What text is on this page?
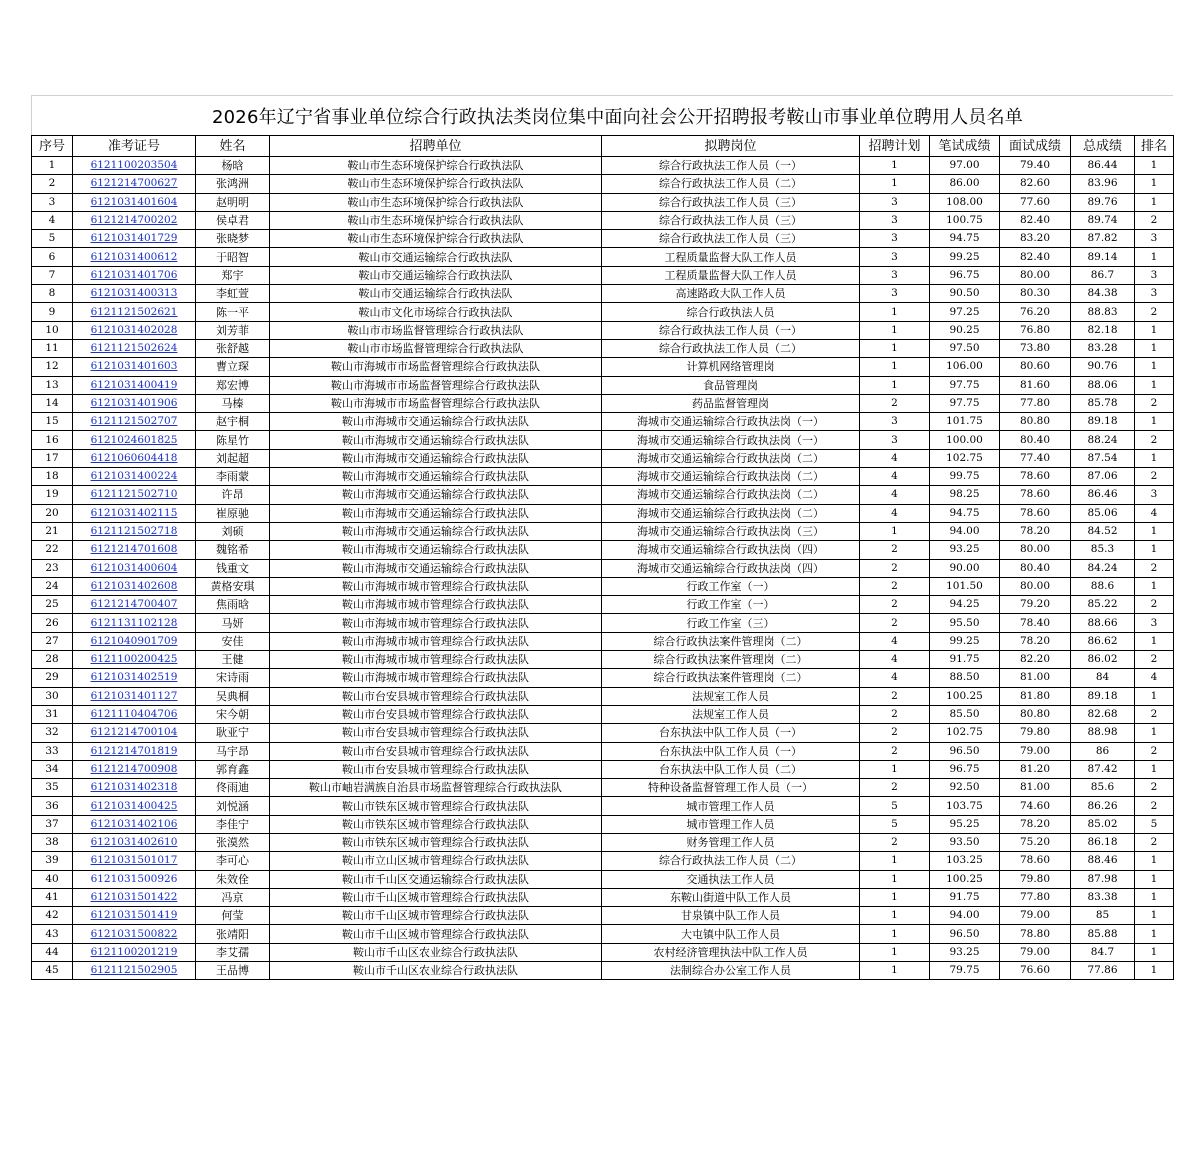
2026年辽宁省事业单位综合行政执法类岗位集中面向社会公开招聘报考鞍山市事业单位聘用人员名单
序号	准考证号	姓名	招聘单位	拟聘岗位	招聘计划	笔试成绩	面试成绩	总成绩	排名
1	6121100203504	杨晗	鞍山市生态环境保护综合行政执法队	综合行政执法工作人员（一）	1	97.00	79.40	86.44	1
2	6121214700627	张鸿洲	鞍山市生态环境保护综合行政执法队	综合行政执法工作人员（二）	1	86.00	82.60	83.96	1
3	6121031401604	赵明明	鞍山市生态环境保护综合行政执法队	综合行政执法工作人员（三）	3	108.00	77.60	89.76	1
4	6121214700202	侯卓君	鞍山市生态环境保护综合行政执法队	综合行政执法工作人员（三）	3	100.75	82.40	89.74	2
5	6121031401729	张晓梦	鞍山市生态环境保护综合行政执法队	综合行政执法工作人员（三）	3	94.75	83.20	87.82	3
6	6121031400612	于昭智	鞍山市交通运输综合行政执法队	工程质量监督大队工作人员	3	99.25	82.40	89.14	1
7	6121031401706	郑宇	鞍山市交通运输综合行政执法队	工程质量监督大队工作人员	3	96.75	80.00	86.7	3
8	6121031400313	李虹萱	鞍山市交通运输综合行政执法队	高速路政大队工作人员	3	90.50	80.30	84.38	3
9	6121121502621	陈一平	鞍山市文化市场综合行政执法队	综合行政执法人员	1	97.25	76.20	88.83	2
10	6121031402028	刘芳菲	鞍山市市场监督管理综合行政执法队	综合行政执法工作人员（一）	1	90.25	76.80	82.18	1
11	6121121502624	张舒越	鞍山市市场监督管理综合行政执法队	综合行政执法工作人员（二）	1	97.50	73.80	83.28	1
12	6121031401603	曹立琛	鞍山市海城市市场监督管理综合行政执法队	计算机网络管理岗	1	106.00	80.60	90.76	1
13	6121031400419	郑宏博	鞍山市海城市市场监督管理综合行政执法队	食品管理岗	1	97.75	81.60	88.06	1
14	6121031401906	马榛	鞍山市海城市市场监督管理综合行政执法队	药品监督管理岗	2	97.75	77.80	85.78	2
15	6121121502707	赵宇桐	鞍山市海城市交通运输综合行政执法队	海城市交通运输综合行政执法岗（一）	3	101.75	80.80	89.18	1
16	6121024601825	陈星竹	鞍山市海城市交通运输综合行政执法队	海城市交通运输综合行政执法岗（一）	3	100.00	80.40	88.24	2
17	6121060604418	刘起超	鞍山市海城市交通运输综合行政执法队	海城市交通运输综合行政执法岗（二）	4	102.75	77.40	87.54	1
18	6121031400224	李雨蒙	鞍山市海城市交通运输综合行政执法队	海城市交通运输综合行政执法岗（二）	4	99.75	78.60	87.06	2
19	6121121502710	许昂	鞍山市海城市交通运输综合行政执法队	海城市交通运输综合行政执法岗（二）	4	98.25	78.60	86.46	3
20	6121031402115	崔原驰	鞍山市海城市交通运输综合行政执法队	海城市交通运输综合行政执法岗（二）	4	94.75	78.60	85.06	4
21	6121121502718	刘硕	鞍山市海城市交通运输综合行政执法队	海城市交通运输综合行政执法岗（三）	1	94.00	78.20	84.52	1
22	6121214701608	魏铭希	鞍山市海城市交通运输综合行政执法队	海城市交通运输综合行政执法岗（四）	2	93.25	80.00	85.3	1
23	6121031400604	钱重文	鞍山市海城市交通运输综合行政执法队	海城市交通运输综合行政执法岗（四）	2	90.00	80.40	84.24	2
24	6121031402608	黄格安琪	鞍山市海城市城市管理综合行政执法队	行政工作室（一）	2	101.50	80.00	88.6	1
25	6121214700407	焦雨晗	鞍山市海城市城市管理综合行政执法队	行政工作室（一）	2	94.25	79.20	85.22	2
26	6121131102128	马妍	鞍山市海城市城市管理综合行政执法队	行政工作室（三）	2	95.50	78.40	88.66	3
27	6121040901709	安佳	鞍山市海城市城市管理综合行政执法队	综合行政执法案件管理岗（二）	4	99.25	78.20	86.62	1
28	6121100200425	王健	鞍山市海城市城市管理综合行政执法队	综合行政执法案件管理岗（二）	4	91.75	82.20	86.02	2
29	6121031402519	宋诗雨	鞍山市海城市城市管理综合行政执法队	综合行政执法案件管理岗（二）	4	88.50	81.00	84	4
30	6121031401127	吴典桐	鞍山市台安县城市管理综合行政执法队	法规室工作人员	2	100.25	81.80	89.18	1
31	6121110404706	宋今朝	鞍山市台安县城市管理综合行政执法队	法规室工作人员	2	85.50	80.80	82.68	2
32	6121214700104	耿亚宁	鞍山市台安县城市管理综合行政执法队	台东执法中队工作人员（一）	2	102.75	79.80	88.98	1
33	6121214701819	马宇昂	鞍山市台安县城市管理综合行政执法队	台东执法中队工作人员（一）	2	96.50	79.00	86	2
34	6121214700908	郭育鑫	鞍山市台安县城市管理综合行政执法队	台东执法中队工作人员（二）	1	96.75	81.20	87.42	1
35	6121031402318	佟雨迪	鞍山市岫岩满族自治县市场监督管理综合行政执法队	特种设备监督管理工作人员（一）	2	92.50	81.00	85.6	2
36	6121031400425	刘悦涵	鞍山市铁东区城市管理综合行政执法队	城市管理工作人员	5	103.75	74.60	86.26	2
37	6121031402106	李佳宁	鞍山市铁东区城市管理综合行政执法队	城市管理工作人员	5	95.25	78.20	85.02	5
38	6121031402610	张漠然	鞍山市铁东区城市管理综合行政执法队	财务管理工作人员	2	93.50	75.20	86.18	2
39	6121031501017	李可心	鞍山市立山区城市管理综合行政执法队	综合行政执法工作人员（二）	1	103.25	78.60	88.46	1
40	6121031500926	朱效佺	鞍山市千山区交通运输综合行政执法队	交通执法工作人员	1	100.25	79.80	87.98	1
41	6121031501422	冯京	鞍山市千山区城市管理综合行政执法队	东鞍山街道中队工作人员	1	91.75	77.80	83.38	1
42	6121031501419	何莹	鞍山市千山区城市管理综合行政执法队	甘泉镇中队工作人员	1	94.00	79.00	85	1
43	6121031500822	张靖阳	鞍山市千山区城市管理综合行政执法队	大屯镇中队工作人员	1	96.50	78.80	85.88	1
44	6121100201219	李艾孺	鞍山市千山区农业综合行政执法队	农村经济管理执法中队工作人员	1	93.25	79.00	84.7	1
45	6121121502905	王品博	鞍山市千山区农业综合行政执法队	法制综合办公室工作人员	1	79.75	76.60	77.86	1
